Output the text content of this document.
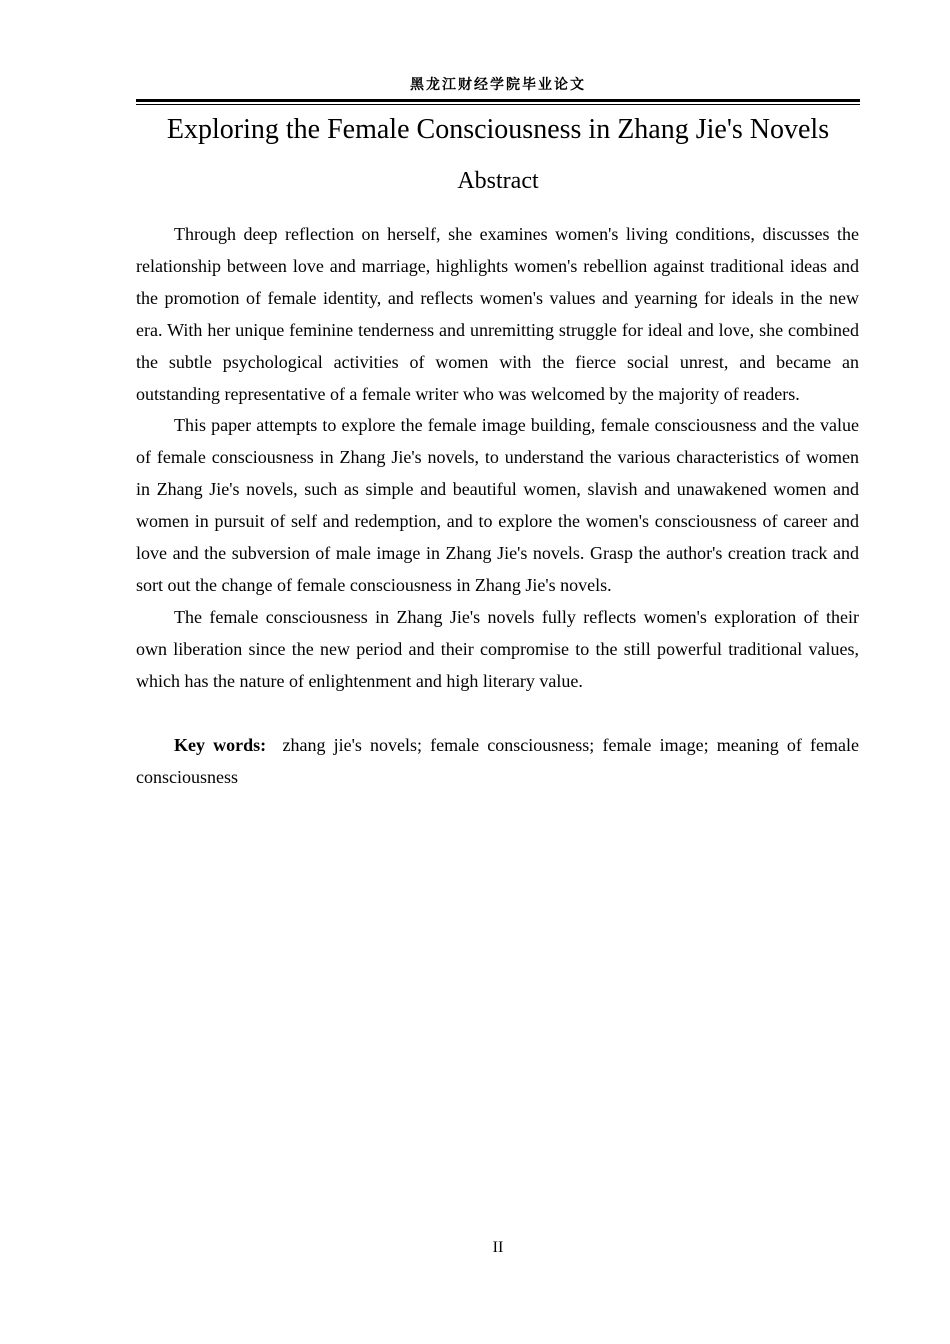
黑龙江财经学院毕业论文
Exploring the Female Consciousness in Zhang Jie's Novels
Abstract

Through deep reflection on herself, she examines women's living conditions, discusses the relationship between love and marriage, highlights women's rebellion against traditional ideas and the promotion of female identity, and reflects women's values and yearning for ideals in the new era. With her unique feminine tenderness and unremitting struggle for ideal and love, she combined the subtle psychological activities of women with the fierce social unrest, and became an outstanding representative of a female writer who was welcomed by the majority of readers.

This paper attempts to explore the female image building, female consciousness and the value of female consciousness in Zhang Jie's novels, to understand the various characteristics of women in Zhang Jie's novels, such as simple and beautiful women, slavish and unawakened women and women in pursuit of self and redemption, and to explore the women's consciousness of career and love and the subversion of male image in Zhang Jie's novels. Grasp the author's creation track and sort out the change of female consciousness in Zhang Jie's novels.

The female consciousness in Zhang Jie's novels fully reflects women's exploration of their own liberation since the new period and their compromise to the still powerful traditional values, which has the nature of enlightenment and high literary value.

Key words: zhang jie's novels; female consciousness; female image; meaning of female consciousness

II
